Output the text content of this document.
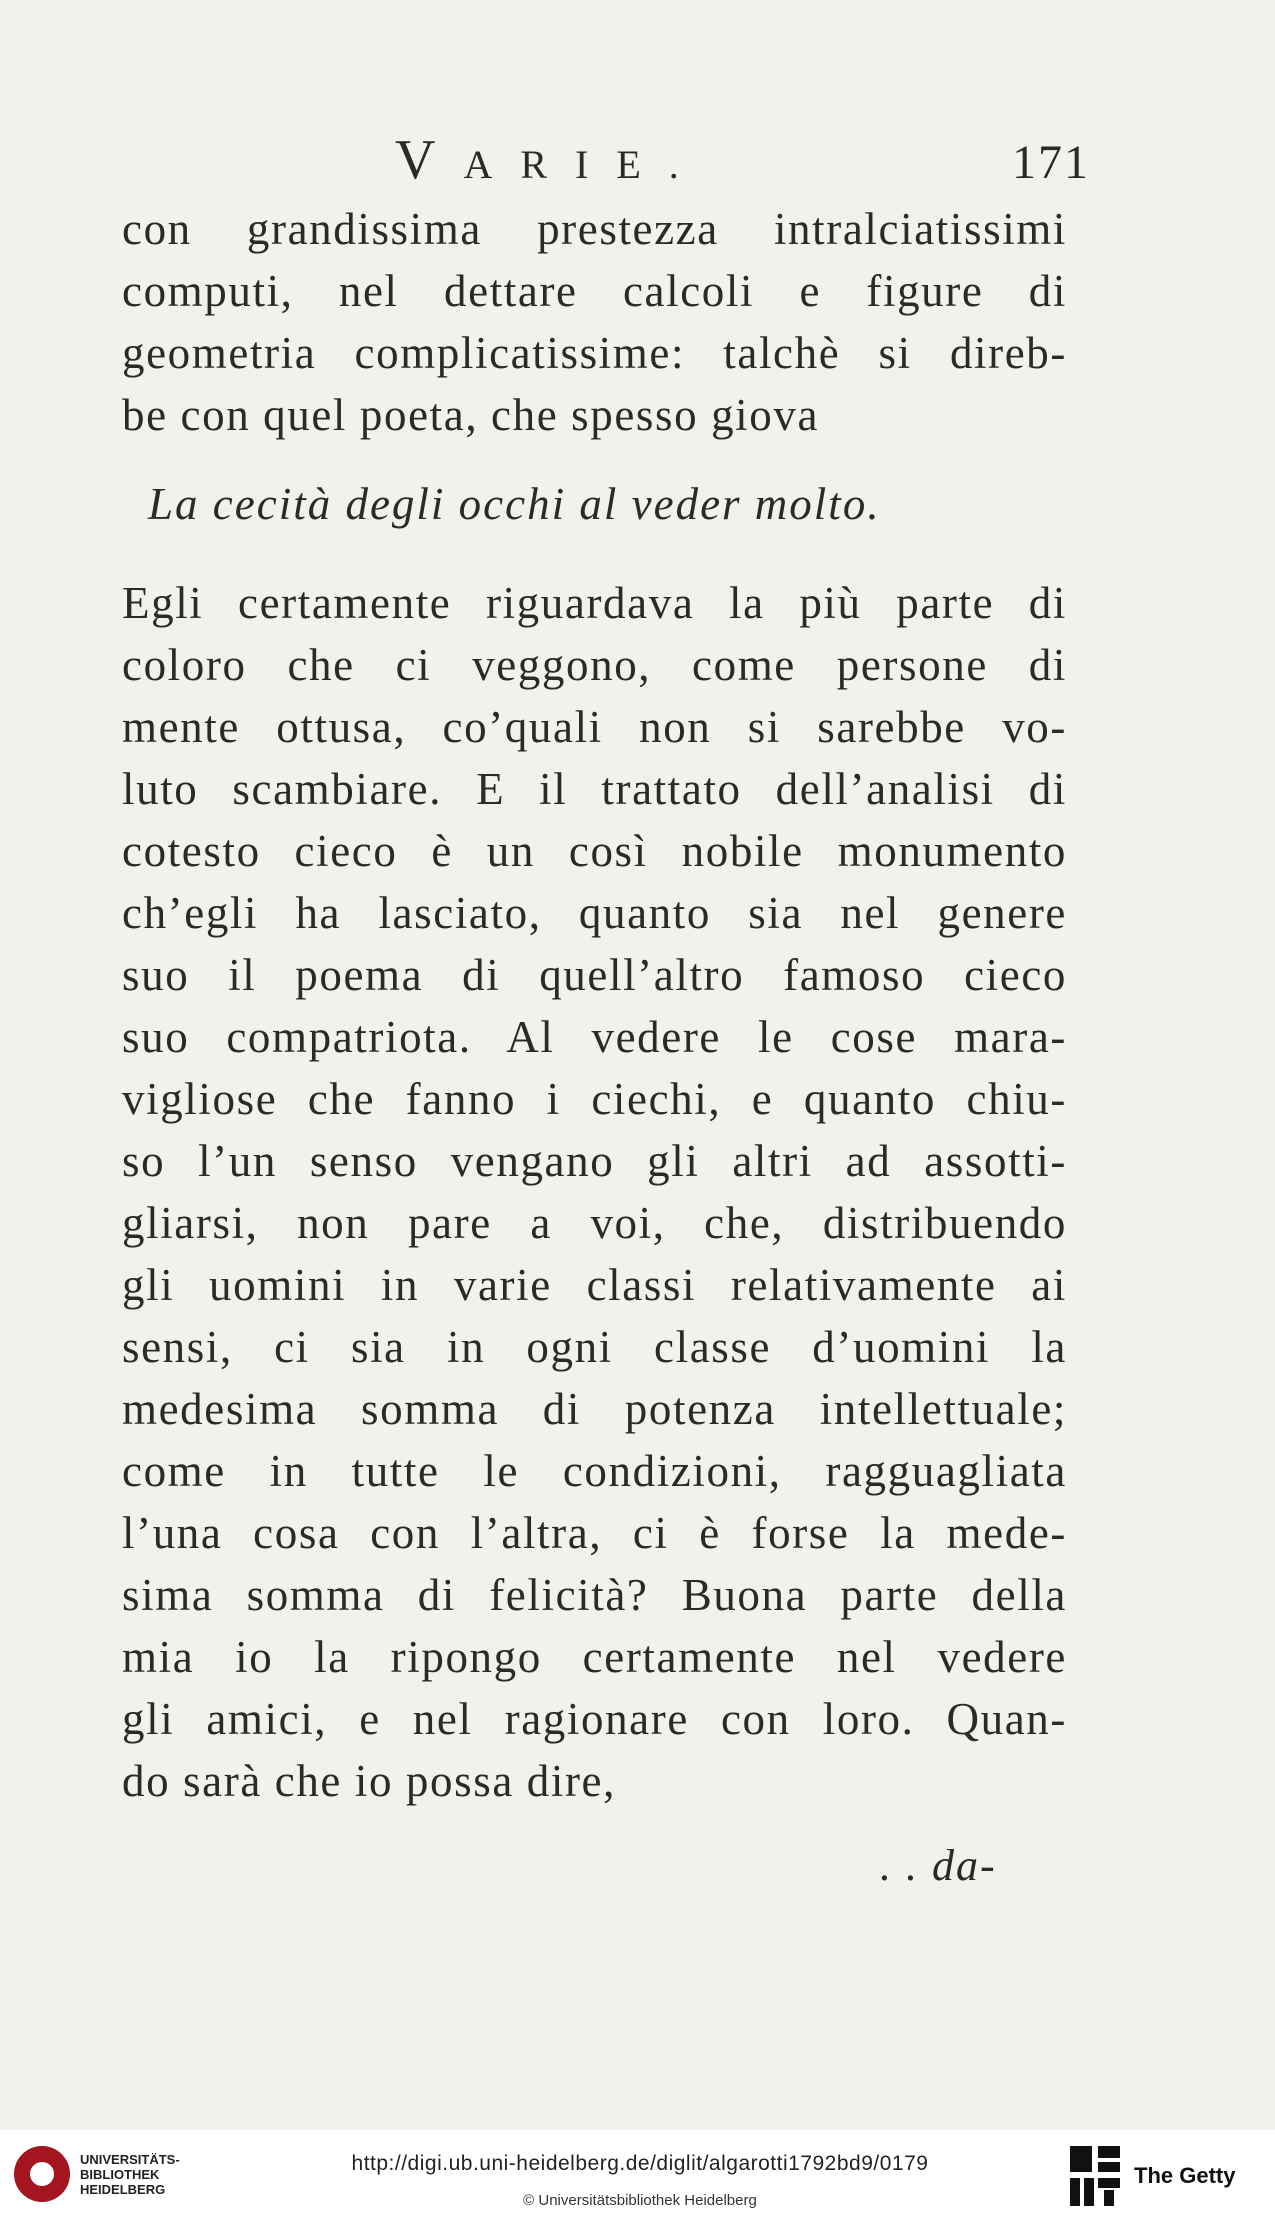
VARIE.	171
con grandissima prestezza intralciatissimi
computi, nel dettare calcoli e figure di
geometria complicatissime: talchè si direb-
be con quel poeta, che spesso giova
La cecità degli occhi al veder molto.
Egli certamente riguardava la più parte di
coloro che ci veggono, come persone di
mente ottusa, co’quali non si sarebbe vo-
luto scambiare. E il trattato dell’analisi di
cotesto cieco è un così nobile monumento
ch’egli ha lasciato, quanto sia nel genere
suo il poema di quell’altro famoso cieco
suo compatriota. Al vedere le cose mara-
vigliose che fanno i ciechi, e quanto chiu-
so l’un senso vengano gli altri ad assotti-
gliarsi, non pare a voi, che, distribuendo
gli uomini in varie classi relativamente ai
sensi, ci sia in ogni classe d’uomini la
medesima somma di potenza intellettuale;
come in tutte le condizioni, ragguagliata
l’una cosa con l’altra, ci è forse la mede-
sima somma di felicità? Buona parte della
mia io la ripongo certamente nel vedere
gli amici, e nel ragionare con loro. Quan-
do sarà che io possa dire,
. . da-
UNIVERSITÄTS-
BIBLIOTHEK
HEIDELBERG
http://digi.ub.uni-heidelberg.de/diglit/algarotti1792bd9/0179
© Universitätsbibliothek Heidelberg
The Getty
